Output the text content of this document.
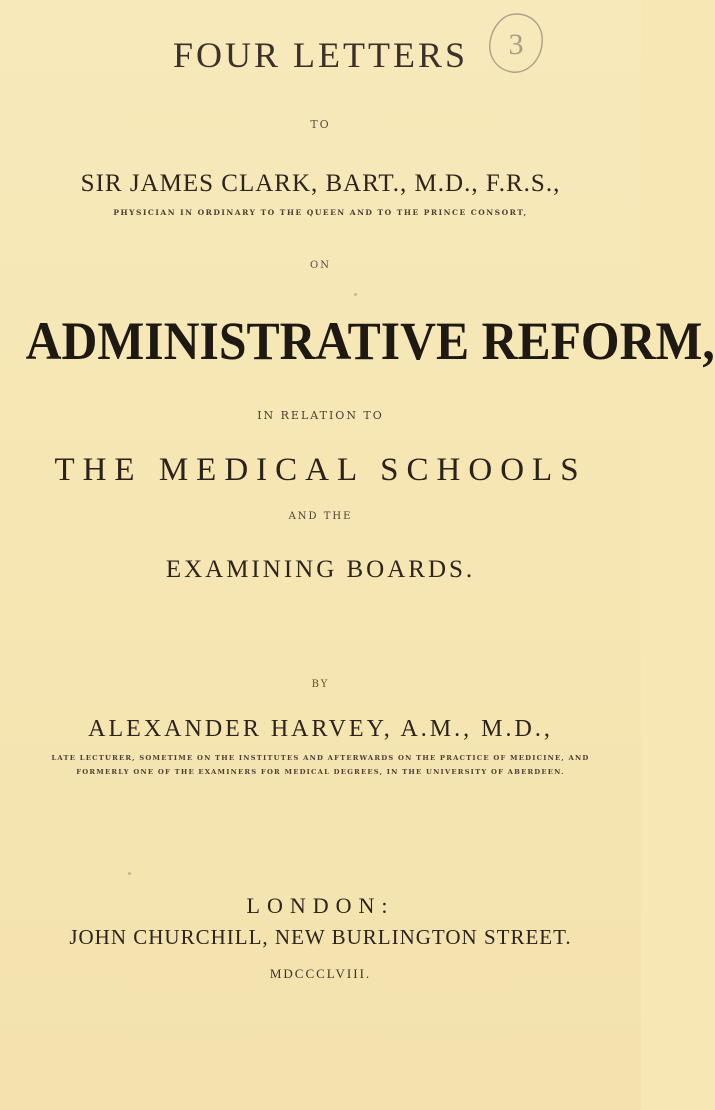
3
FOUR LETTERS
TO
SIR JAMES CLARK, BART., M.D., F.R.S.,
PHYSICIAN IN ORDINARY TO THE QUEEN AND TO THE PRINCE CONSORT,
ON
ADMINISTRATIVE REFORM,
IN RELATION TO
THE MEDICAL SCHOOLS
AND THE
EXAMINING BOARDS.
BY
ALEXANDER HARVEY, A.M., M.D.,
LATE LECTURER, SOMETIME ON THE INSTITUTES AND AFTERWARDS ON THE PRACTICE OF MEDICINE, AND
FORMERLY ONE OF THE EXAMINERS FOR MEDICAL DEGREES, IN THE UNIVERSITY OF ABERDEEN.
LONDON:
JOHN CHURCHILL, NEW BURLINGTON STREET.
MDCCCLVIII.
